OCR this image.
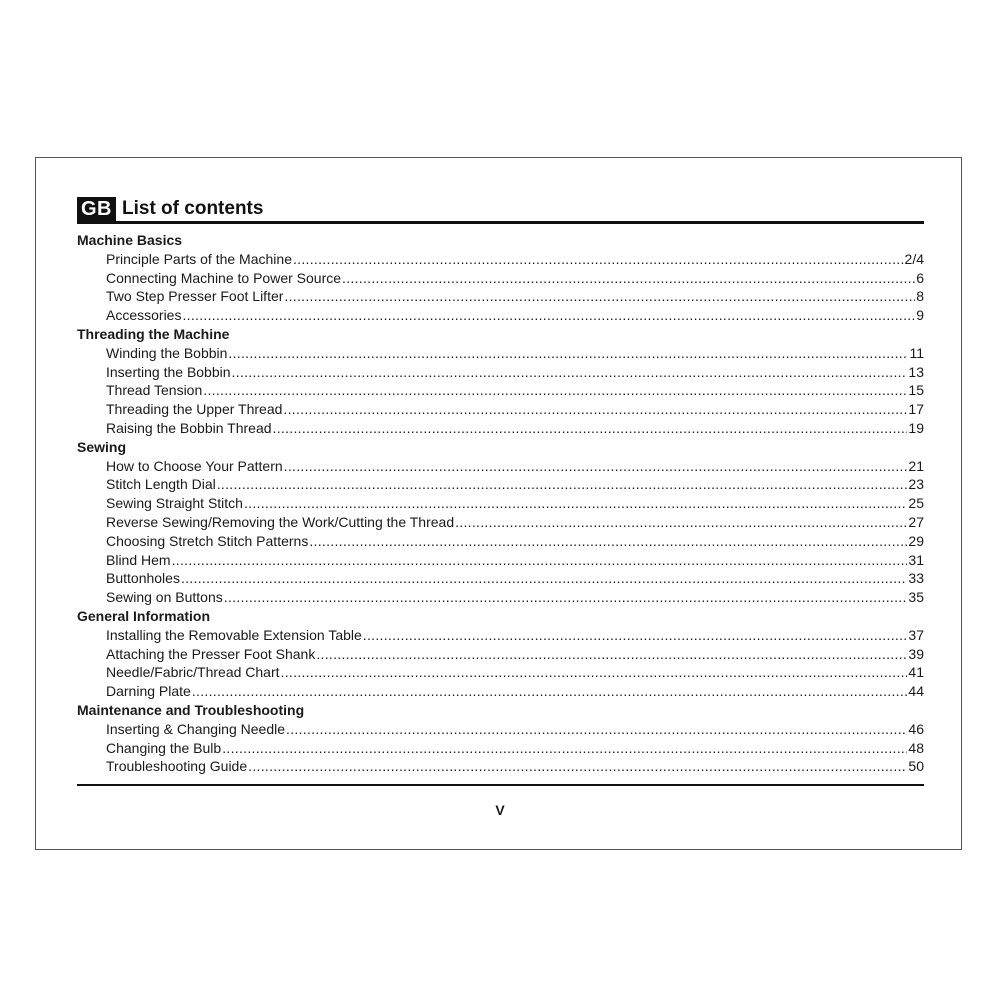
GB List of contents
Machine Basics
Principle Parts of the Machine .....	2/4
Connecting Machine to Power Source .....	6
Two Step Presser Foot Lifter .....	8
Accessories .....	9
Threading the Machine
Winding the Bobbin .....	11
Inserting the Bobbin .....	13
Thread Tension .....	15
Threading the Upper Thread .....	17
Raising the Bobbin Thread .....	19
Sewing
How to Choose Your Pattern .....	21
Stitch Length Dial .....	23
Sewing Straight Stitch .....	25
Reverse Sewing/Removing the Work/Cutting the Thread .....	27
Choosing Stretch Stitch Patterns .....	29
Blind Hem .....	31
Buttonholes .....	33
Sewing on Buttons .....	35
General Information
Installing the Removable Extension Table .....	37
Attaching the Presser Foot Shank .....	39
Needle/Fabric/Thread Chart .....	41
Darning Plate .....	44
Maintenance and Troubleshooting
Inserting & Changing Needle .....	46
Changing the Bulb .....	48
Troubleshooting Guide .....	50
V
